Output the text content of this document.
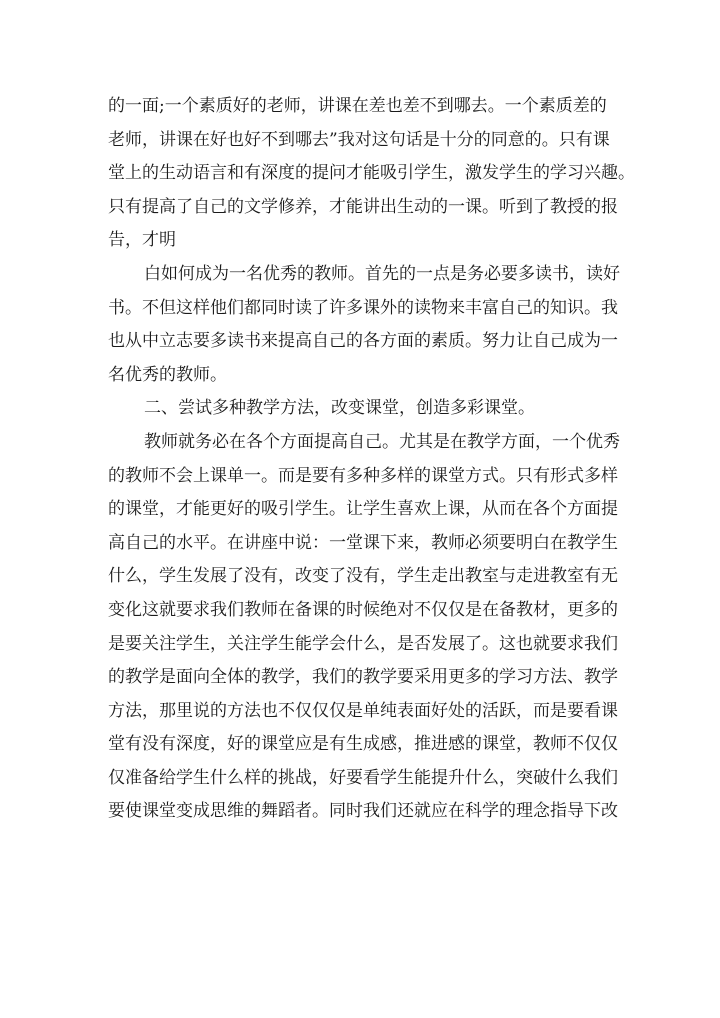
的一面;一个素质好的老师，讲课在差也差不到哪去。一个素质差的
老师，讲课在好也好不到哪去”我对这句话是十分的同意的。只有课
堂上的生动语言和有深度的提问才能吸引学生，激发学生的学习兴趣。
只有提高了自己的文学修养，才能讲出生动的一课。听到了教授的报
告，才明
白如何成为一名优秀的教师。首先的一点是务必要多读书，读好
书。不但这样他们都同时读了许多课外的读物来丰富自己的知识。我
也从中立志要多读书来提高自己的各方面的素质。努力让自己成为一
名优秀的教师。
二、尝试多种教学方法，改变课堂，创造多彩课堂。
教师就务必在各个方面提高自己。尤其是在教学方面，一个优秀
的教师不会上课单一。而是要有多种多样的课堂方式。只有形式多样
的课堂，才能更好的吸引学生。让学生喜欢上课，从而在各个方面提
高自己的水平。在讲座中说：一堂课下来，教师必须要明白在教学生
什么，学生发展了没有，改变了没有，学生走出教室与走进教室有无
变化这就要求我们教师在备课的时候绝对不仅仅是在备教材，更多的
是要关注学生，关注学生能学会什么，是否发展了。这也就要求我们
的教学是面向全体的教学，我们的教学要采用更多的学习方法、教学
方法，那里说的方法也不仅仅仅是单纯表面好处的活跃，而是要看课
堂有没有深度，好的课堂应是有生成感，推进感的课堂，教师不仅仅
仅准备给学生什么样的挑战，好要看学生能提升什么，突破什么我们
要使课堂变成思维的舞蹈者。同时我们还就应在科学的理念指导下改
